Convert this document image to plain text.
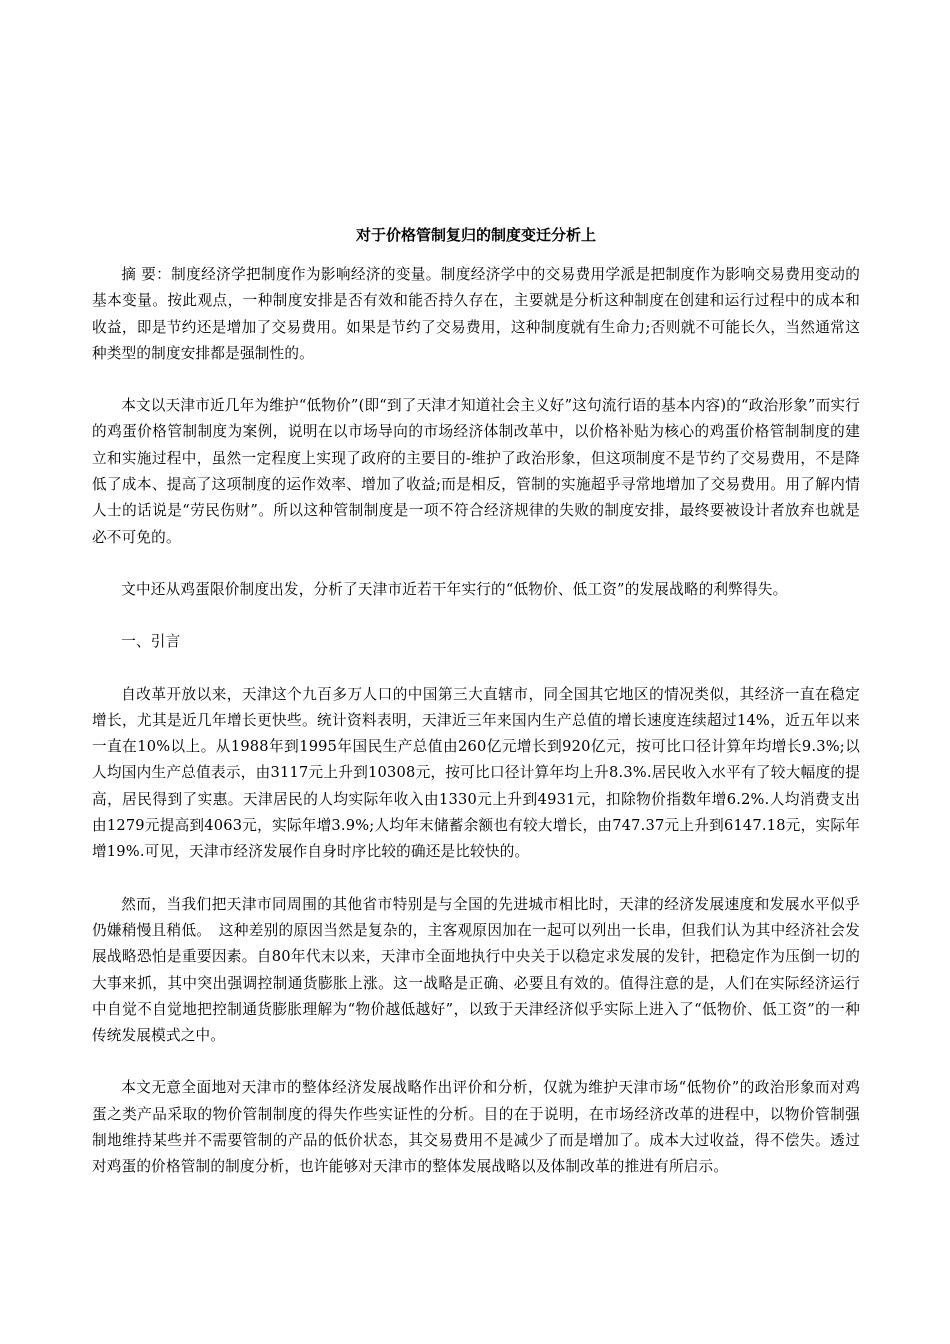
对于价格管制复归的制度变迁分析上

摘 要：制度经济学把制度作为影响经济的变量。制度经济学中的交易费用学派是把制度作为影响交易费用变动的基本变量。按此观点，一种制度安排是否有效和能否持久存在，主要就是分析这种制度在创建和运行过程中的成本和收益，即是节约还是增加了交易费用。如果是节约了交易费用，这种制度就有生命力;否则就不可能长久，当然通常这种类型的制度安排都是强制性的。

本文以天津市近几年为维护“低物价”(即“到了天津才知道社会主义好”这句流行语的基本内容)的“政治形象”而实行的鸡蛋价格管制制度为案例，说明在以市场导向的市场经济体制改革中，以价格补贴为核心的鸡蛋价格管制制度的建立和实施过程中，虽然一定程度上实现了政府的主要目的-维护了政治形象，但这项制度不是节约了交易费用，不是降低了成本、提高了这项制度的运作效率、增加了收益;而是相反，管制的实施超乎寻常地增加了交易费用。用了解内情人士的话说是“劳民伤财”。所以这种管制制度是一项不符合经济规律的失败的制度安排，最终要被设计者放弃也就是必不可免的。

文中还从鸡蛋限价制度出发，分析了天津市近若干年实行的“低物价、低工资”的发展战略的利弊得失。

一、引言

自改革开放以来，天津这个九百多万人口的中国第三大直辖市，同全国其它地区的情况类似，其经济一直在稳定增长，尤其是近几年增长更快些。统计资料表明，天津近三年来国内生产总值的增长速度连续超过14%，近五年以来一直在10%以上。从1988年到1995年国民生产总值由260亿元增长到920亿元，按可比口径计算年均增长9.3%;以人均国内生产总值表示，由3117元上升到10308元，按可比口径计算年均上升8.3%.居民收入水平有了较大幅度的提高，居民得到了实惠。天津居民的人均实际年收入由1330元上升到4931元，扣除物价指数年增6.2%.人均消费支出由1279元提高到4063元，实际年增3.9%;人均年末储蓄余额也有较大增长，由747.37元上升到6147.18元，实际年增19%.可见，天津市经济发展作自身时序比较的确还是比较快的。

然而，当我们把天津市同周围的其他省市特别是与全国的先进城市相比时，天津的经济发展速度和发展水平似乎仍嫌稍慢且稍低。　这种差别的原因当然是复杂的，主客观原因加在一起可以列出一长串，但我们认为其中经济社会发展战略恐怕是重要因素。自80年代末以来，天津市全面地执行中央关于以稳定求发展的发针，把稳定作为压倒一切的大事来抓，其中突出强调控制通货膨胀上涨。这一战略是正确、必要且有效的。值得注意的是，人们在实际经济运行中自觉不自觉地把控制通货膨胀理解为“物价越低越好”，以致于天津经济似乎实际上进入了“低物价、低工资”的一种传统发展模式之中。

本文无意全面地对天津市的整体经济发展战略作出评价和分析，仅就为维护天津市场“低物价”的政治形象而对鸡蛋之类产品采取的物价管制制度的得失作些实证性的分析。目的在于说明，在市场经济改革的进程中，以物价管制强制地维持某些并不需要管制的产品的低价状态，其交易费用不是减少了而是增加了。成本大过收益，得不偿失。透过对鸡蛋的价格管制的制度分析，也许能够对天津市的整体发展战略以及体制改革的推进有所启示。
